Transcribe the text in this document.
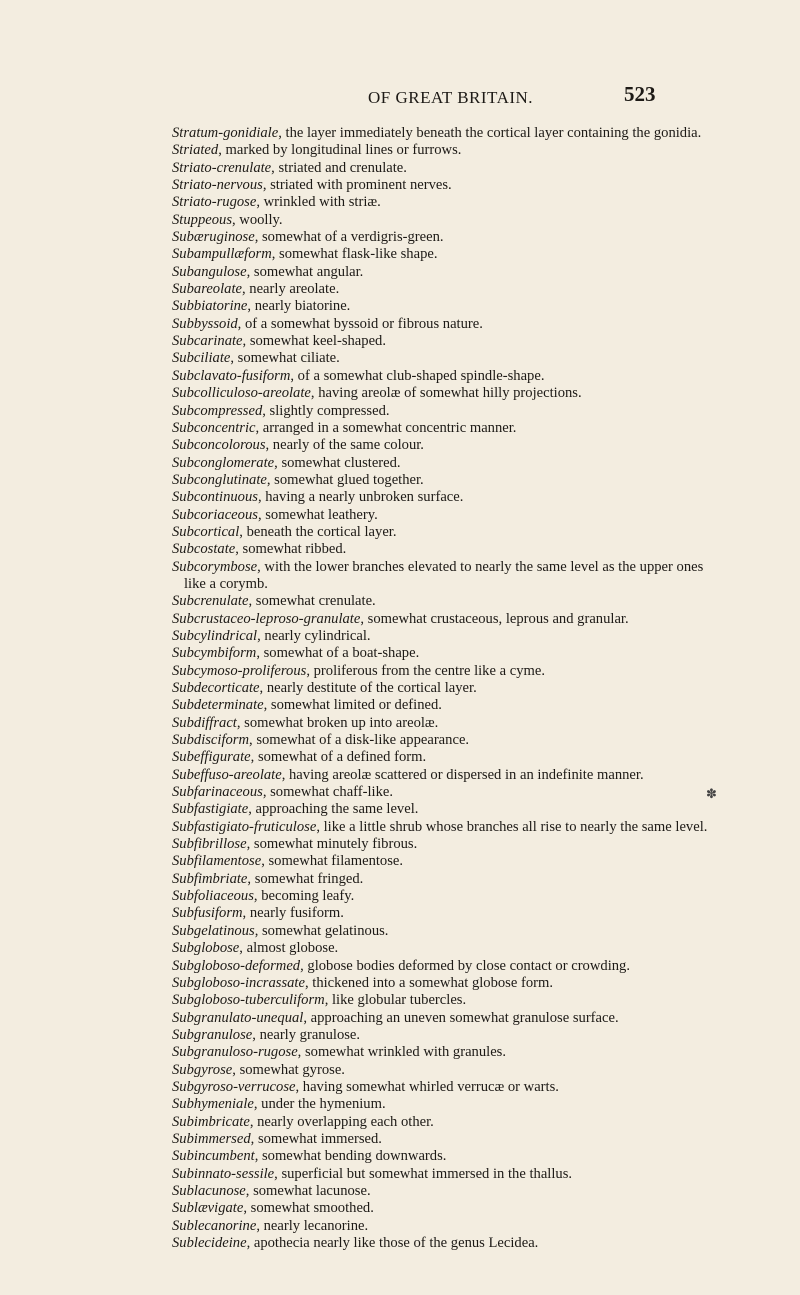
OF GREAT BRITAIN.	523
Stratum-gonidiale, the layer immediately beneath the cortical layer containing the gonidia.
Striated, marked by longitudinal lines or furrows.
Striato-crenulate, striated and crenulate.
Striato-nervous, striated with prominent nerves.
Striato-rugose, wrinkled with striæ.
Stuppeous, woolly.
Subæruginose, somewhat of a verdigris-green.
Subampullæform, somewhat flask-like shape.
Subangulose, somewhat angular.
Subareolate, nearly areolate.
Subbiatorine, nearly biatorine.
Subbyssoid, of a somewhat byssoid or fibrous nature.
Subcarinate, somewhat keel-shaped.
Subciliate, somewhat ciliate.
Subclavato-fusiform, of a somewhat club-shaped spindle-shape.
Subcolliculoso-areolate, having areolæ of somewhat hilly projections.
Subcompressed, slightly compressed.
Subconcentric, arranged in a somewhat concentric manner.
Subconcolorous, nearly of the same colour.
Subconglomerate, somewhat clustered.
Subconglutinate, somewhat glued together.
Subcontinuous, having a nearly unbroken surface.
Subcoriaceous, somewhat leathery.
Subcortical, beneath the cortical layer.
Subcostate, somewhat ribbed.
Subcorymbose, with the lower branches elevated to nearly the same level as the upper ones like a corymb.
Subcrenulate, somewhat crenulate.
Subcrustaceo-leproso-granulate, somewhat crustaceous, leprous and granular.
Subcylindrical, nearly cylindrical.
Subcymbiform, somewhat of a boat-shape.
Subcymoso-proliferous, proliferous from the centre like a cyme.
Subdecorticate, nearly destitute of the cortical layer.
Subdeterminate, somewhat limited or defined.
Subdiffract, somewhat broken up into areolæ.
Subdisciform, somewhat of a disk-like appearance.
Subeffigurate, somewhat of a defined form.
Subeffuso-areolate, having areolæ scattered or dispersed in an indefinite manner.
Subfarinaceous, somewhat chaff-like.
Subfastigiate, approaching the same level.
Subfastigiato-fruticulose, like a little shrub whose branches all rise to nearly the same level.
Subfibrillose, somewhat minutely fibrous.
Subfilamentose, somewhat filamentose.
Subfimbriate, somewhat fringed.
Subfoliaceous, becoming leafy.
Subfusiform, nearly fusiform.
Subgelatinous, somewhat gelatinous.
Subglobose, almost globose.
Subgloboso-deformed, globose bodies deformed by close contact or crowding.
Subgloboso-incrassate, thickened into a somewhat globose form.
Subgloboso-tuberculiform, like globular tubercles.
Subgranulato-unequal, approaching an uneven somewhat granulose surface.
Subgranulose, nearly granulose.
Subgranuloso-rugose, somewhat wrinkled with granules.
Subgyrose, somewhat gyrose.
Subgyroso-verrucose, having somewhat whirled verrucæ or warts.
Subhymeniale, under the hymenium.
Subimbricate, nearly overlapping each other.
Subimmersed, somewhat immersed.
Subincumbent, somewhat bending downwards.
Subinnato-sessile, superficial but somewhat immersed in the thallus.
Sublacunose, somewhat lacunose.
Sublævigate, somewhat smoothed.
Sublecanorine, nearly lecanorine.
Sublecideine, apothecia nearly like those of the genus Lecidea.
✽
